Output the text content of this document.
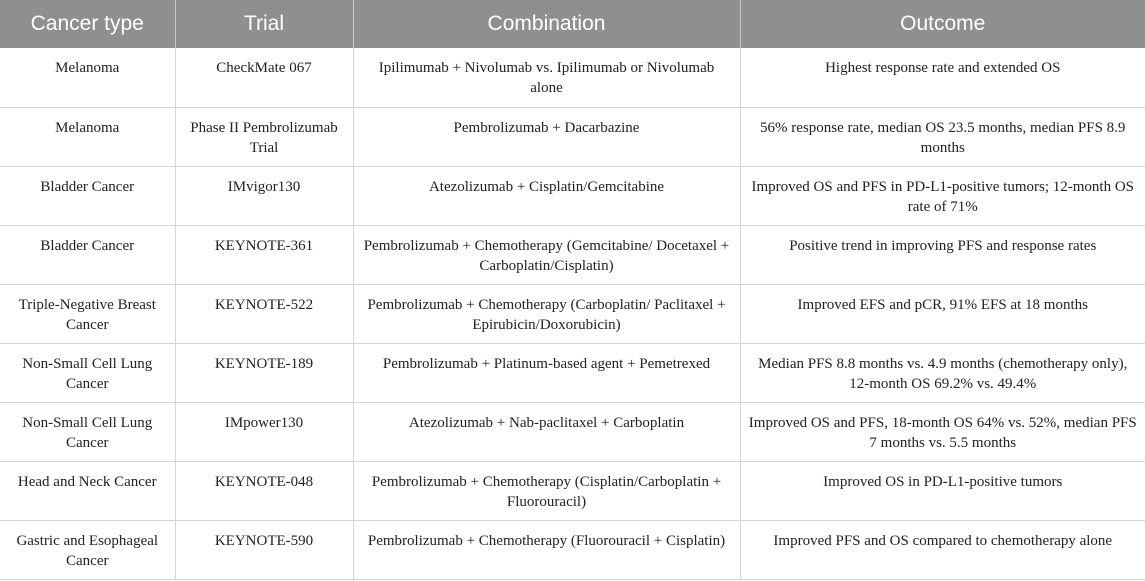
Cancer type	Trial	Combination	Outcome
Melanoma	CheckMate 067	Ipilimumab + Nivolumab vs. Ipilimumab or Nivolumab alone	Highest response rate and extended OS
Melanoma	Phase II Pembrolizumab Trial	Pembrolizumab + Dacarbazine	56% response rate, median OS 23.5 months, median PFS 8.9 months
Bladder Cancer	IMvigor130	Atezolizumab + Cisplatin/Gemcitabine	Improved OS and PFS in PD-L1-positive tumors; 12-month OS rate of 71%
Bladder Cancer	KEYNOTE-361	Pembrolizumab + Chemotherapy (Gemcitabine/ Docetaxel + Carboplatin/Cisplatin)	Positive trend in improving PFS and response rates
Triple-Negative Breast Cancer	KEYNOTE-522	Pembrolizumab + Chemotherapy (Carboplatin/ Paclitaxel + Epirubicin/Doxorubicin)	Improved EFS and pCR, 91% EFS at 18 months
Non-Small Cell Lung Cancer	KEYNOTE-189	Pembrolizumab + Platinum-based agent + Pemetrexed	Median PFS 8.8 months vs. 4.9 months (chemotherapy only), 12-month OS 69.2% vs. 49.4%
Non-Small Cell Lung Cancer	IMpower130	Atezolizumab + Nab-paclitaxel + Carboplatin	Improved OS and PFS, 18-month OS 64% vs. 52%, median PFS 7 months vs. 5.5 months
Head and Neck Cancer	KEYNOTE-048	Pembrolizumab + Chemotherapy (Cisplatin/Carboplatin + Fluorouracil)	Improved OS in PD-L1-positive tumors
Gastric and Esophageal Cancer	KEYNOTE-590	Pembrolizumab + Chemotherapy (Fluorouracil + Cisplatin)	Improved PFS and OS compared to chemotherapy alone
